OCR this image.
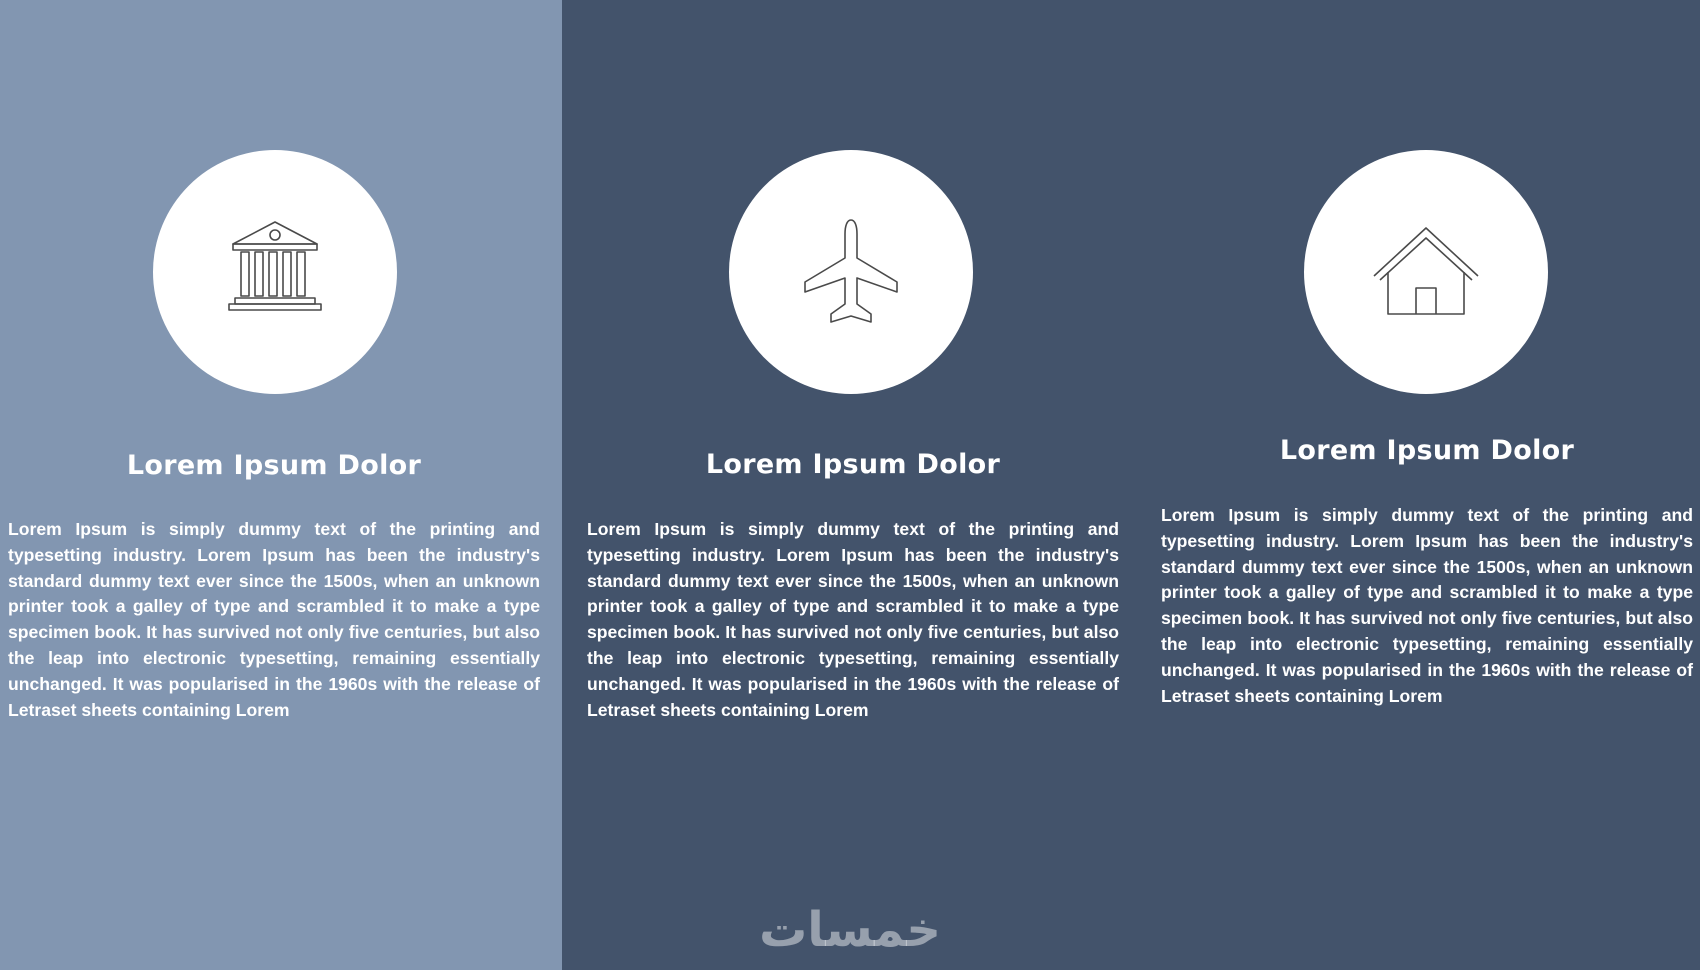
Lorem Ipsum Dolor

Lorem Ipsum is simply dummy text of the printing and typesetting industry. Lorem Ipsum has been the industry's standard dummy text ever since the 1500s, when an unknown printer took a galley of type and scrambled it to make a type specimen book. It has survived not only five centuries, but also the leap into electronic typesetting, remaining essentially unchanged. It was popularised in the 1960s with the release of Letraset sheets containing Lorem

Lorem Ipsum Dolor

Lorem Ipsum is simply dummy text of the printing and typesetting industry. Lorem Ipsum has been the industry's standard dummy text ever since the 1500s, when an unknown printer took a galley of type and scrambled it to make a type specimen book. It has survived not only five centuries, but also the leap into electronic typesetting, remaining essentially unchanged. It was popularised in the 1960s with the release of Letraset sheets containing Lorem

Lorem Ipsum Dolor

Lorem Ipsum is simply dummy text of the printing and typesetting industry. Lorem Ipsum has been the industry's standard dummy text ever since the 1500s, when an unknown printer took a galley of type and scrambled it to make a type specimen book. It has survived not only five centuries, but also the leap into electronic typesetting, remaining essentially unchanged. It was popularised in the 1960s with the release of Letraset sheets containing Lorem

خمسات
